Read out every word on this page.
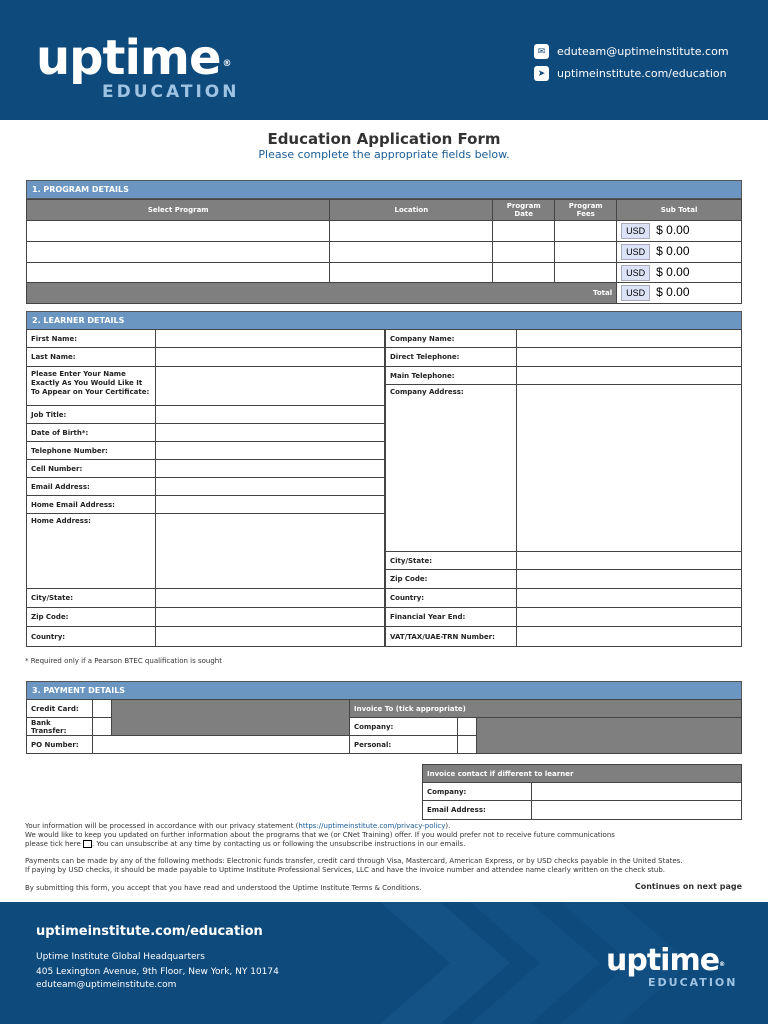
uptime ®
EDUCATION
✉	eduteam@uptimeinstitute.com
➤	uptimeinstitute.com/education
Education Application Form
Please complete the appropriate fields below.
1. PROGRAM DETAILS
Select Program	Location	Program Date	Program Fees	Sub Total
				USD $ 0.00
				USD $ 0.00
				USD $ 0.00
Total				USD $ 0.00
2. LEARNER DETAILS
First Name:	
Last Name:	
Please Enter Your Name Exactly As You Would Like It To Appear on Your Certificate:	
Job Title:	
Date of Birth*:	
Telephone Number:	
Cell Number:	
Email Address:	
Home Email Address:	
Home Address:	
City/State:	
Zip Code:	
Country:	
Company Name:	
Direct Telephone:	
Main Telephone:	
Company Address:	
City/State:	
Zip Code:	
Country:	
Financial Year End:	
VAT/TAX/UAE-TRN Number:	
* Required only if a Pearson BTEC qualification is sought
3. PAYMENT DETAILS
Credit Card:			Invoice To (tick appropriate)		
Bank Transfer:			Company:		
PO Number:			Personal:		
Invoice contact if different to learner	
Company:	
Email Address:	
Your information will be processed in accordance with our privacy statement (https://uptimeinstitute.com/privacy-policy).
We would like to keep you updated on further information about the programs that we (or CNet Training) offer. If you would prefer not to receive future communications
please tick here . You can unsubscribe at any time by contacting us or following the unsubscribe instructions in our emails.
Payments can be made by any of the following methods: Electronic funds transfer, credit card through Visa, Mastercard, American Express, or by USD checks payable in the United States.
If paying by USD checks, it should be made payable to Uptime Institute Professional Services, LLC and have the invoice number and attendee name clearly written on the check stub.
By submitting this form, you accept that you have read and understood the Uptime Institute Terms & Conditions.	Continues on next page
uptimeinstitute.com/education
Uptime Institute Global Headquarters
405 Lexington Avenue, 9th Floor, New York, NY 10174
eduteam@uptimeinstitute.com
uptime®
EDUCATION
